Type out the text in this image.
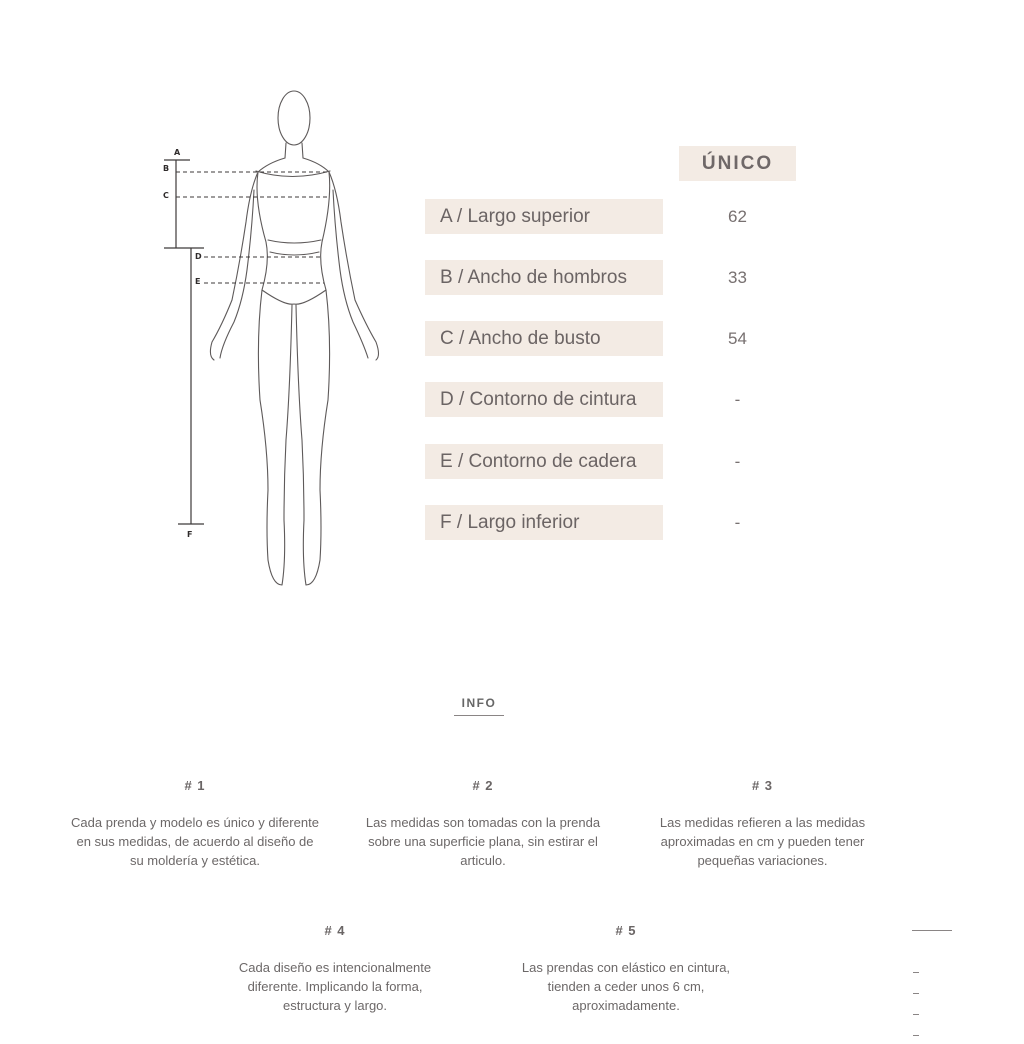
A
B
C
D
E
F
ÚNICO
A / Largo superior	62
B / Ancho de hombros	33
C / Ancho de busto	54
D / Contorno de cintura	-
E / Contorno de cadera	-
F / Largo inferior	-
INFO
# 1
Cada prenda y modelo es único y diferente en sus medidas, de acuerdo al diseño de su moldería y estética.
# 2
Las medidas son tomadas con la prenda sobre una superficie plana, sin estirar el articulo.
# 3
Las medidas refieren a las medidas aproximadas en cm y pueden tener pequeñas variaciones.
# 4
Cada diseño es intencionalmente diferente. Implicando la forma, estructura y largo.
# 5
Las prendas con elástico en cintura, tienden a ceder unos 6 cm, aproximadamente.
